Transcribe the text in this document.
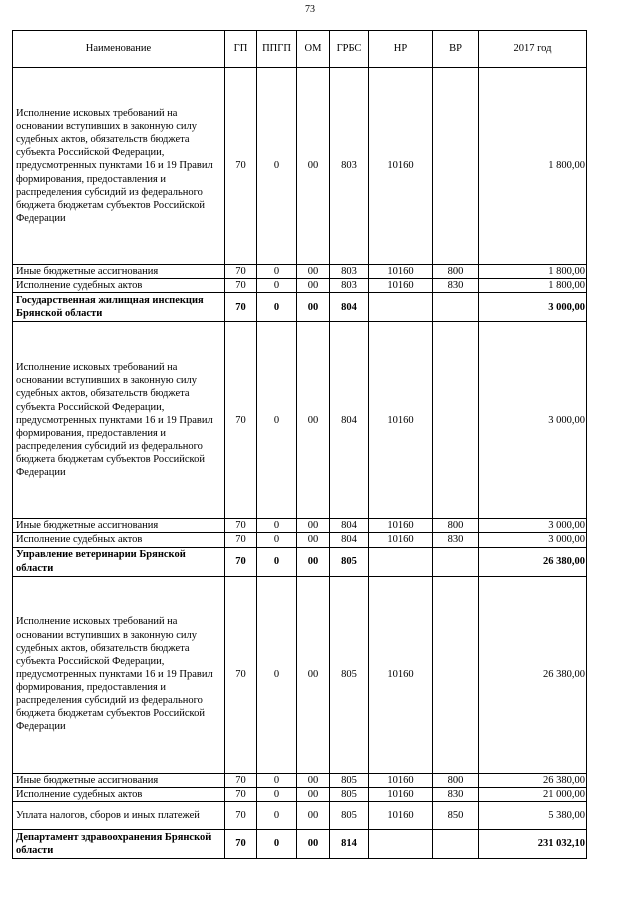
73
Наименование	ГП	ППГП	ОМ	ГРБС	НР	ВР	2017 год
Исполнение исковых требований на основании вступивших в законную силу судебных актов, обязательств бюджета субъекта Российской Федерации, предусмотренных пунктами 16 и 19 Правил формирования, предоставления и распределения субсидий из федерального бюджета бюджетам субъектов Российской Федерации	70	0	00	803	10160		1 800,00
Иные бюджетные ассигнования	70	0	00	803	10160	800	1 800,00
Исполнение судебных актов	70	0	00	803	10160	830	1 800,00
Государственная жилищная инспекция Брянской области	70	0	00	804			3 000,00
Исполнение исковых требований на основании вступивших в законную силу судебных актов, обязательств бюджета субъекта Российской Федерации, предусмотренных пунктами 16 и 19 Правил формирования, предоставления и распределения субсидий из федерального бюджета бюджетам субъектов Российской Федерации	70	0	00	804	10160		3 000,00
Иные бюджетные ассигнования	70	0	00	804	10160	800	3 000,00
Исполнение судебных актов	70	0	00	804	10160	830	3 000,00
Управление ветеринарии Брянской области	70	0	00	805			26 380,00
Исполнение исковых требований на основании вступивших в законную силу судебных актов, обязательств бюджета субъекта Российской Федерации, предусмотренных пунктами 16 и 19 Правил формирования, предоставления и распределения субсидий из федерального бюджета бюджетам субъектов Российской Федерации	70	0	00	805	10160		26 380,00
Иные бюджетные ассигнования	70	0	00	805	10160	800	26 380,00
Исполнение судебных актов	70	0	00	805	10160	830	21 000,00
Уплата налогов, сборов и иных платежей	70	0	00	805	10160	850	5 380,00
Департамент здравоохранения Брянской области	70	0	00	814			231 032,10
